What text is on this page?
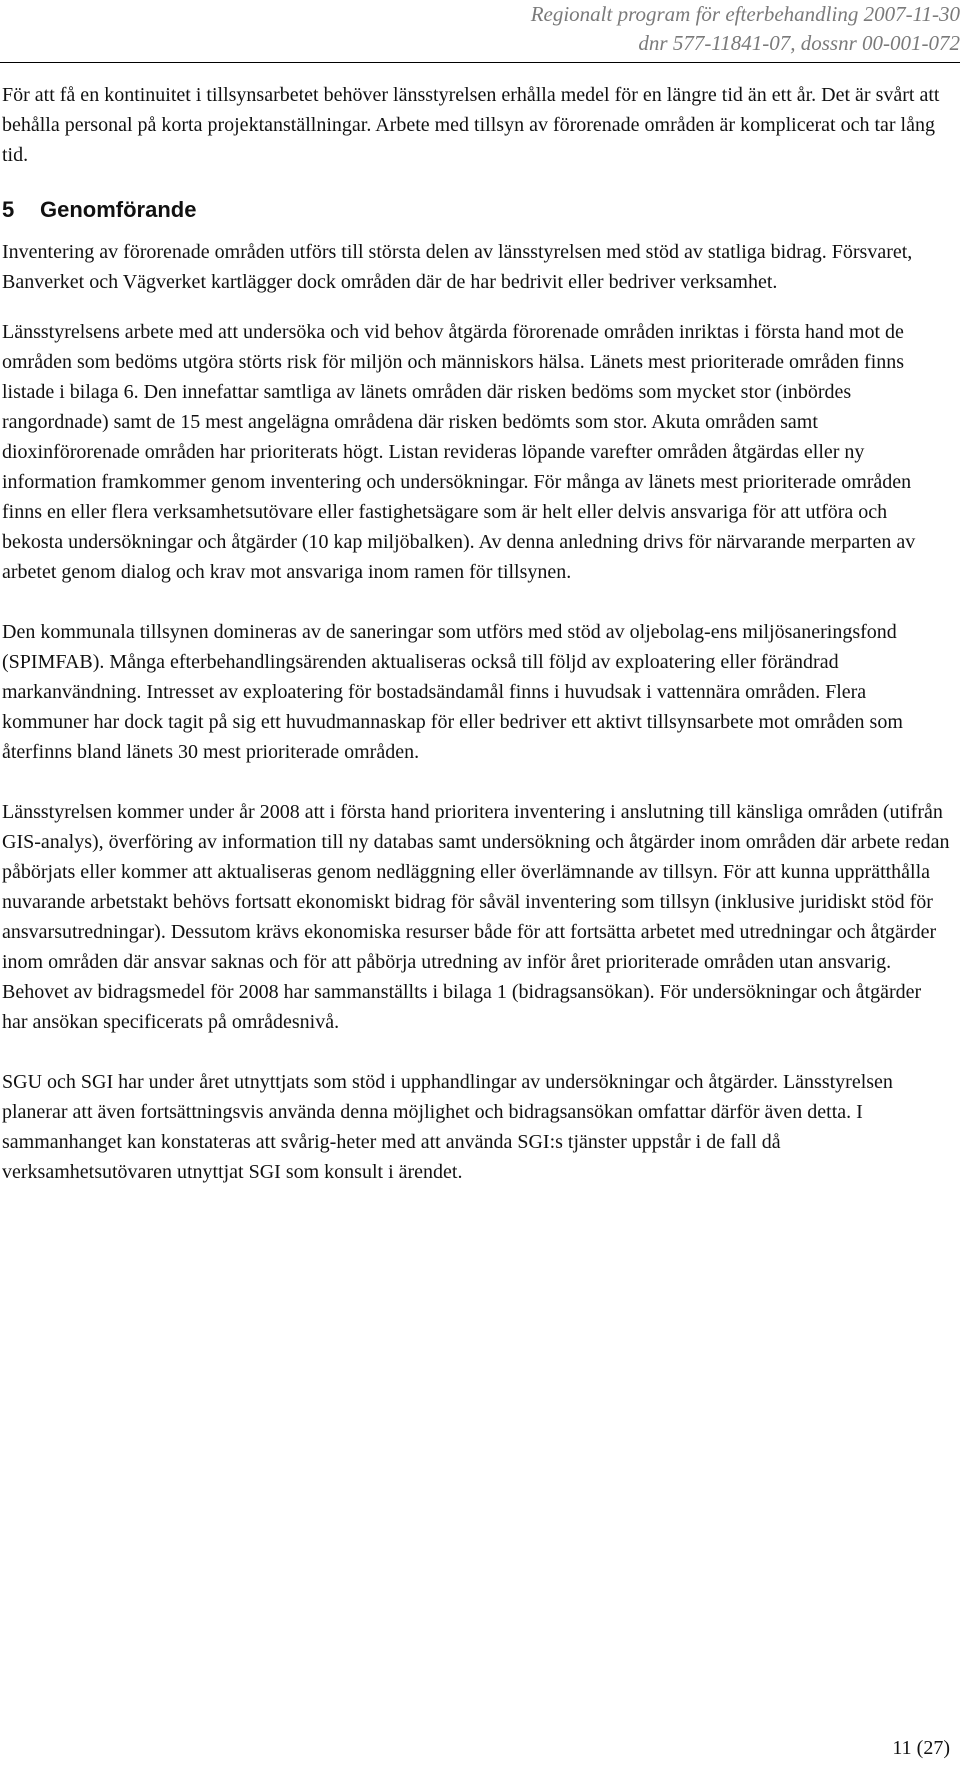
Regionalt program för efterbehandling 2007-11-30
dnr 577-11841-07, dossnr 00-001-072

För att få en kontinuitet i tillsynsarbetet behöver länsstyrelsen erhålla medel för en längre tid än ett år. Det är svårt att behålla personal på korta projektanställningar. Arbete med tillsyn av förorenade områden är komplicerat och tar lång tid.

5 Genomförande

Inventering av förorenade områden utförs till största delen av länsstyrelsen med stöd av statliga bidrag. Försvaret, Banverket och Vägverket kartlägger dock områden där de har bedrivit eller bedriver verksamhet.

Länsstyrelsens arbete med att undersöka och vid behov åtgärda förorenade områden inriktas i första hand mot de områden som bedöms utgöra störts risk för miljön och människors hälsa. Länets mest prioriterade områden finns listade i bilaga 6. Den innefattar samtliga av länets områden där risken bedöms som mycket stor (inbördes rangordnade) samt de 15 mest angelägna områdena där risken bedömts som stor. Akuta områden samt dioxinförorenade områden har prioriterats högt. Listan revideras löpande varefter områden åtgärdas eller ny information framkommer genom inventering och undersökningar. För många av länets mest prioriterade områden finns en eller flera verksamhetsutövare eller fastighetsägare som är helt eller delvis ansvariga för att utföra och bekosta undersökningar och åtgärder (10 kap miljöbalken). Av denna anledning drivs för närvarande merparten av arbetet genom dialog och krav mot ansvariga inom ramen för tillsynen.

Den kommunala tillsynen domineras av de saneringar som utförs med stöd av oljebolag-ens miljösaneringsfond (SPIMFAB). Många efterbehandlingsärenden aktualiseras också till följd av exploatering eller förändrad markanvändning. Intresset av exploatering för bostadsändamål finns i huvudsak i vattennära områden. Flera kommuner har dock tagit på sig ett huvudmannaskap för eller bedriver ett aktivt tillsynsarbete mot områden som återfinns bland länets 30 mest prioriterade områden.

Länsstyrelsen kommer under år 2008 att i första hand prioritera inventering i anslutning till känsliga områden (utifrån GIS-analys), överföring av information till ny databas samt undersökning och åtgärder inom områden där arbete redan påbörjats eller kommer att aktualiseras genom nedläggning eller överlämnande av tillsyn. För att kunna upprätthålla nuvarande arbetstakt behövs fortsatt ekonomiskt bidrag för såväl inventering som tillsyn (inklusive juridiskt stöd för ansvarsutredningar). Dessutom krävs ekonomiska resurser både för att fortsätta arbetet med utredningar och åtgärder inom områden där ansvar saknas och för att påbörja utredning av inför året prioriterade områden utan ansvarig. Behovet av bidragsmedel för 2008 har sammanställts i bilaga 1 (bidragsansökan). För undersökningar och åtgärder har ansökan specificerats på områdesnivå.

SGU och SGI har under året utnyttjats som stöd i upphandlingar av undersökningar och åtgärder. Länsstyrelsen planerar att även fortsättningsvis använda denna möjlighet och bidragsansökan omfattar därför även detta. I sammanhanget kan konstateras att svårig-heter med att använda SGI:s tjänster uppstår i de fall då verksamhetsutövaren utnyttjat SGI som konsult i ärendet.

11 (27)
